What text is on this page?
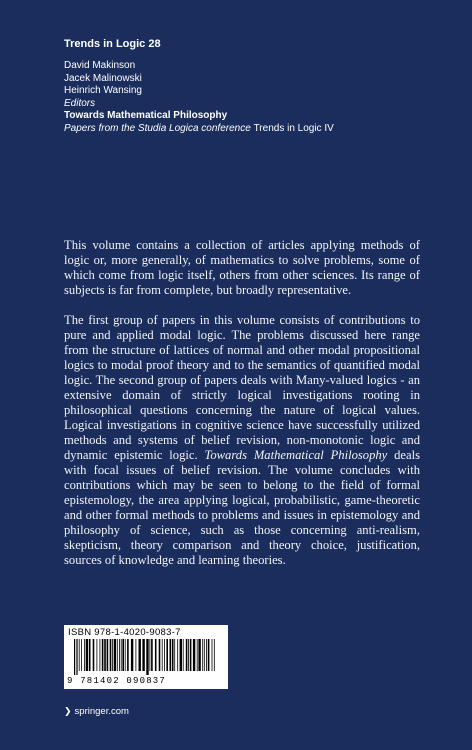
Trends in Logic 28
David Makinson
Jacek Malinowski
Heinrich Wansing
Editors
Towards Mathematical Philosophy
Papers from the Studia Logica conference Trends in Logic IV

This volume contains a collection of articles applying methods of logic or, more generally, of mathematics to solve problems, some of which come from logic itself, others from other sciences. Its range of subjects is far from complete, but broadly representative.

The first group of papers in this volume consists of contributions to pure and applied modal logic. The problems discussed here range from the structure of lattices of normal and other modal propositional logics to modal proof theory and to the semantics of quantified modal logic. The second group of papers deals with Many-valued logics - an extensive domain of strictly logical investigations rooting in philosophical questions concerning the nature of logical values. Logical investigations in cognitive science have successfully utilized methods and systems of belief revision, non-monotonic logic and dynamic epistemic logic. Towards Mathematical Philosophy deals with focal issues of belief revision. The volume concludes with contributions which may be seen to belong to the field of formal epistemology, the area applying logical, probabilistic, game-theoretic and other formal methods to problems and issues in epistemology and philosophy of science, such as those concerning anti-realism, skepticism, theory comparison and theory choice, justification, sources of knowledge and learning theories.

ISBN 978-1-4020-9083-7
9 781402 090837
❯ springer.com
